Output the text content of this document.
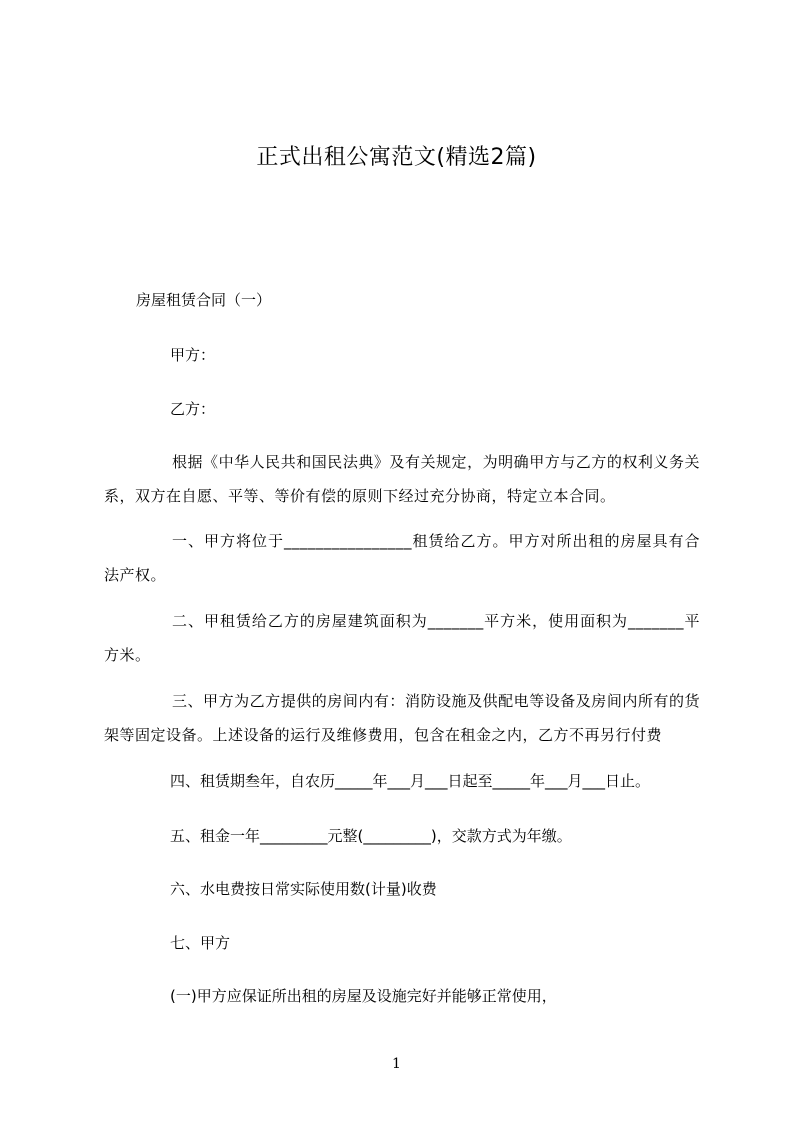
正式出租公寓范文(精选2篇)
房屋租赁合同（一）
甲方：
乙方：
根据《中华人民共和国民法典》及有关规定，为明确甲方与乙方的权利义务关系，双方在自愿、平等、等价有偿的原则下经过充分协商，特定立本合同。
一、甲方将位于________________租赁给乙方。甲方对所出租的房屋具有合法产权。
二、甲租赁给乙方的房屋建筑面积为_______平方米，使用面积为_______平方米。
三、甲方为乙方提供的房间内有：消防设施及供配电等设备及房间内所有的货架等固定设备。上述设备的运行及维修费用，包含在租金之内，乙方不再另行付费
四、租赁期叁年，自农历_____年___月___日起至_____年___月___日止。
五、租金一年_________元整(_________)，交款方式为年缴。
六、水电费按日常实际使用数(计量)收费
七、甲方
(一)甲方应保证所出租的房屋及设施完好并能够正常使用，
1
